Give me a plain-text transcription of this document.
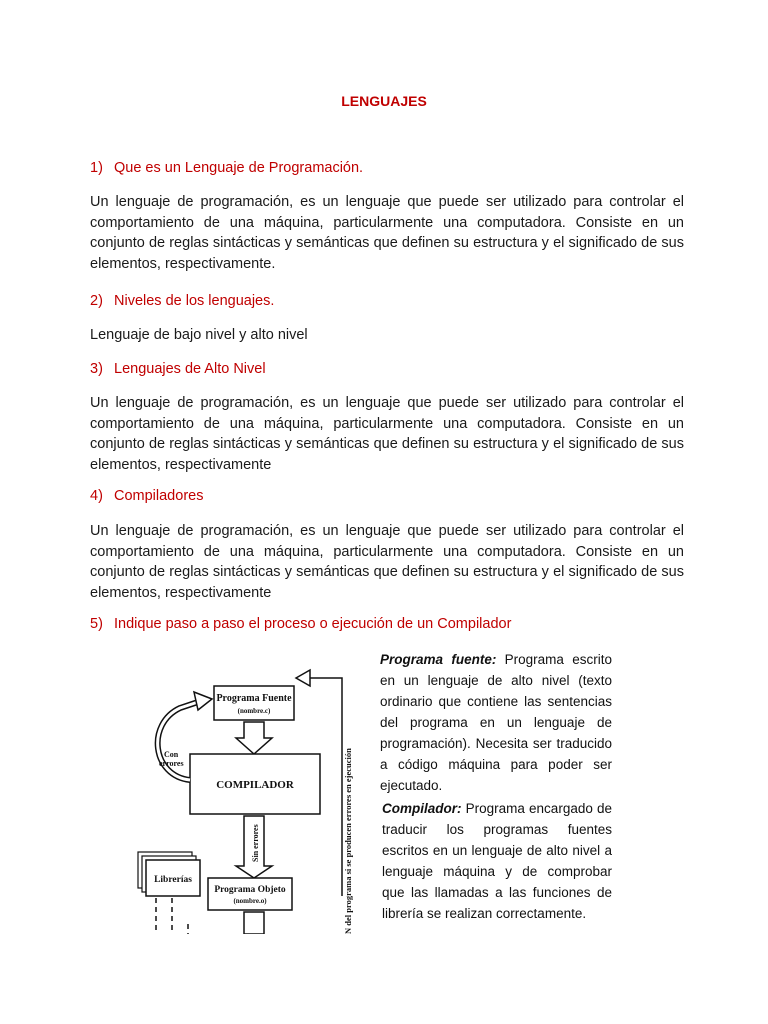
LENGUAJES
1) Que es un Lenguaje de Programación.
Un lenguaje de programación, es un lenguaje que puede ser utilizado para controlar el comportamiento de una máquina, particularmente una computadora. Consiste en un conjunto de reglas sintácticas y semánticas que definen su estructura y el significado de sus elementos, respectivamente.
2) Niveles de los lenguajes.
Lenguaje de bajo nivel y alto nivel
3) Lenguajes de Alto Nivel
Un lenguaje de programación, es un lenguaje que puede ser utilizado para controlar el comportamiento de una máquina, particularmente una computadora. Consiste en un conjunto de reglas sintácticas y semánticas que definen su estructura y el significado de sus elementos, respectivamente
4) Compiladores
Un lenguaje de programación, es un lenguaje que puede ser utilizado para controlar el comportamiento de una máquina, particularmente una computadora. Consiste en un conjunto de reglas sintácticas y semánticas que definen su estructura y el significado de sus elementos, respectivamente
5) Indique paso a paso el proceso o ejecución de un Compilador
Programa Fuente
(nombre.c)
COMPILADOR
Con
errores
Sin errores
Librerías
Programa Objeto
(nombre.o)	N del programa si se producen errores en ejecución

Programa fuente: Programa escrito en un lenguaje de alto nivel (texto ordinario que contiene las sentencias del programa en un lenguaje de programación). Necesita ser traducido a código máquina para poder ser ejecutado.

Compilador: Programa encargado de traducir los programas fuentes escritos en un lenguaje de alto nivel a lenguaje máquina y de comprobar que las llamadas a las funciones de librería se realizan correctamente.
